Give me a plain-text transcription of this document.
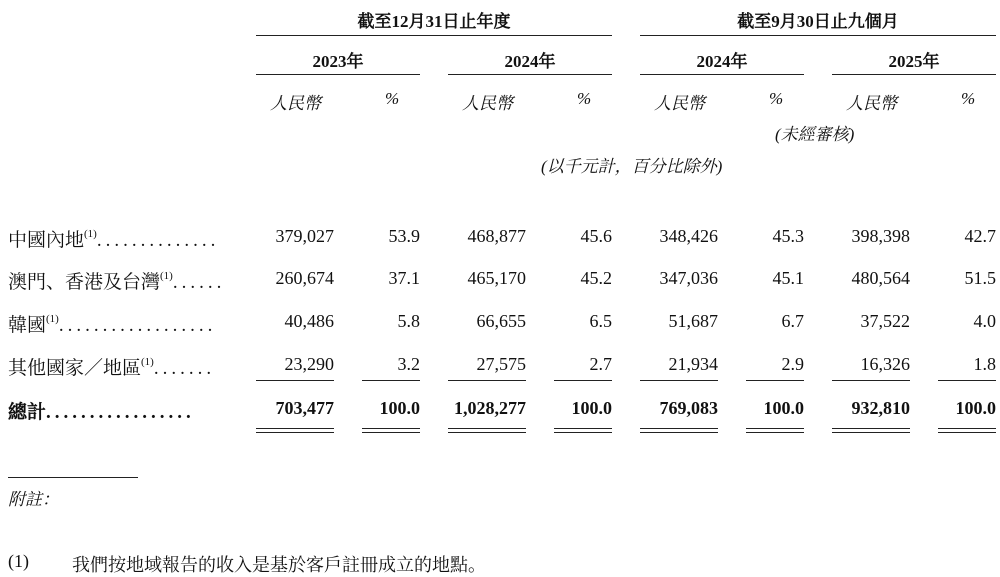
截至12月31日止年度	截至9月30日止九個月
2023年	2024年	2024年	2025年
人民幣	%	人民幣	%	人民幣	%	人民幣	%
(未經審核)
(以千元計，百分比除外)
中國內地$^{(1)}$..............	379,027	53.9	468,877	45.6	348,426	45.3	398,398	42.7
澳門、香港及台灣$^{(1)}$......	260,674	37.1	465,170	45.2	347,036	45.1	480,564	51.5
韓國$^{(1)}$..................	40,486	5.8	66,655	6.5	51,687	6.7	37,522	4.0
其他國家／地區$^{(1)}$.......	23,290	3.2	27,575	2.7	21,934	2.9	16,326	1.8
總計.................	703,477	100.0	1,028,277	100.0	769,083	100.0	932,810	100.0
附註：
(1) 我們按地域報告的收入是基於客戶註冊成立的地點。
